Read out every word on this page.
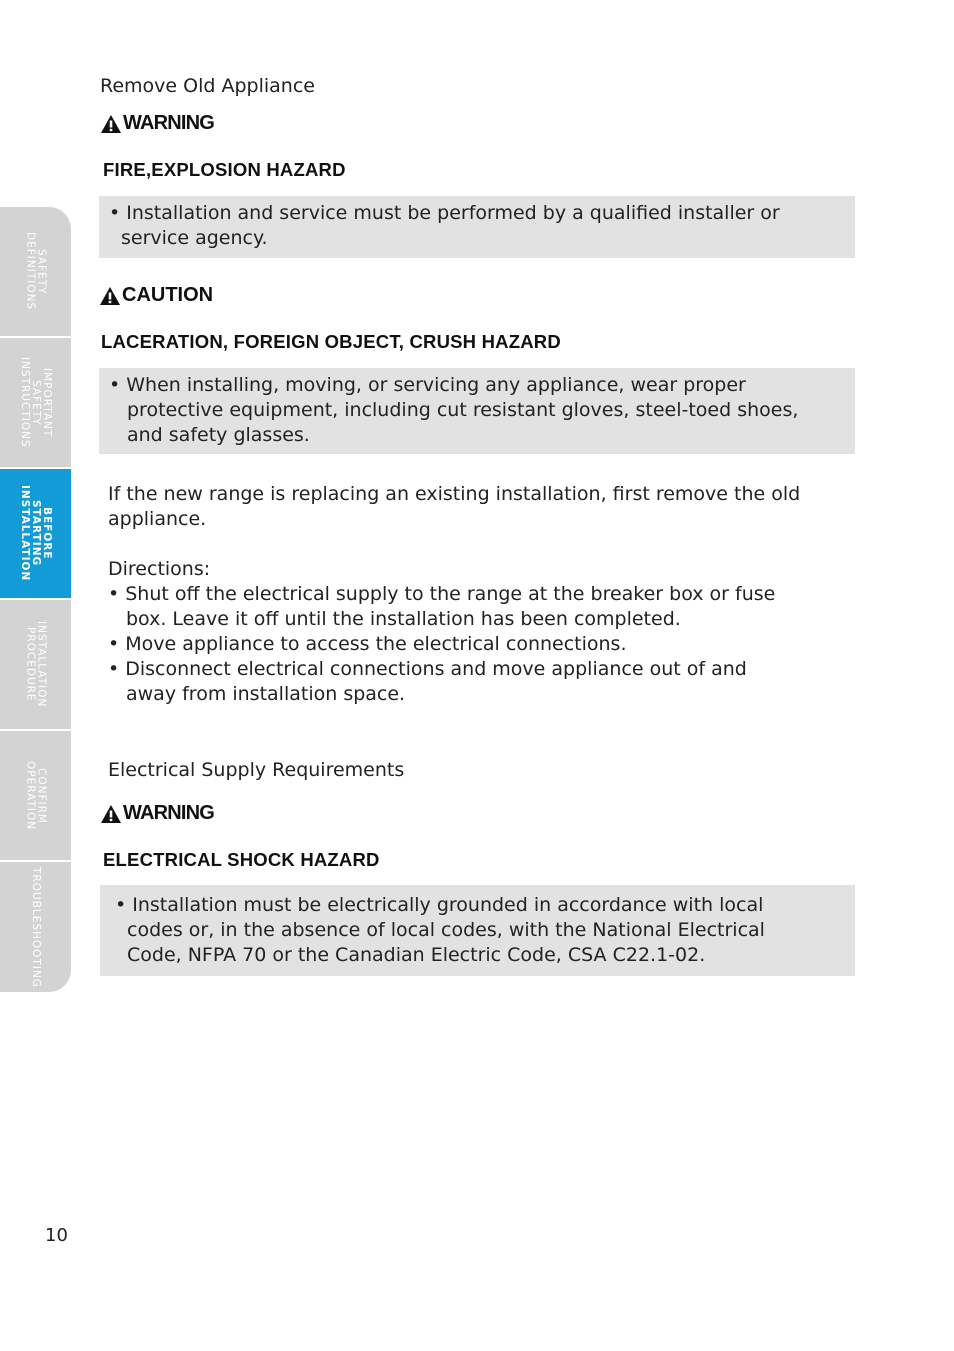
SAFETY
DEFINITIONS
IMPORTANT
SAFETY
INSTRUCTIONS
BEFORE
STARTING
INSTALLATION
INSTALLATION
PROCEDURE
CONFIRM
OPERATION
TROUBLESHOOTING
Remove Old Appliance
WARNING
FIRE,EXPLOSION HAZARD
• Installation and service must be performed by a qualified installer or
service agency.
CAUTION
LACERATION, FOREIGN OBJECT, CRUSH HAZARD
• When installing, moving, or servicing any appliance, wear proper
protective equipment, including cut resistant gloves, steel-toed shoes,
and safety glasses.
If the new range is replacing an existing installation, first remove the old
appliance.
Directions:
• Shut off the electrical supply to the range at the breaker box or fuse
box. Leave it off until the installation has been completed.
• Move appliance to access the electrical connections.
• Disconnect electrical connections and move appliance out of and
away from installation space.
Electrical Supply Requirements
WARNING
ELECTRICAL SHOCK HAZARD
• Installation must be electrically grounded in accordance with local
codes or, in the absence of local codes, with the National Electrical
Code, NFPA 70 or the Canadian Electric Code, CSA C22.1-02.
10
